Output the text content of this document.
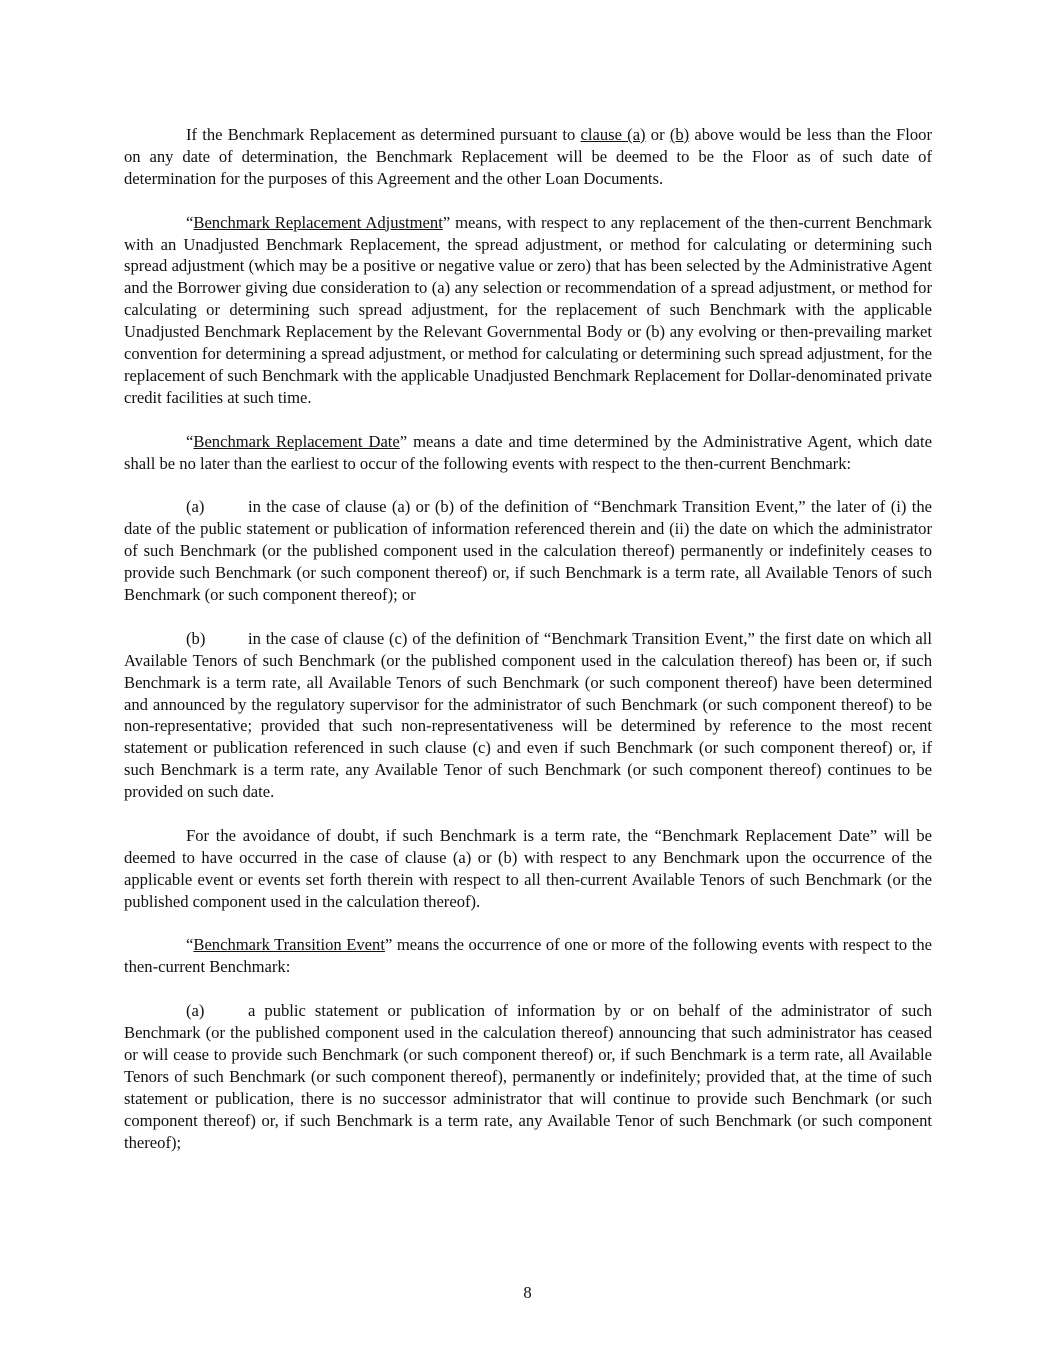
If the Benchmark Replacement as determined pursuant to clause (a) or (b) above would be less than the Floor on any date of determination, the Benchmark Replacement will be deemed to be the Floor as of such date of determination for the purposes of this Agreement and the other Loan Documents.

“Benchmark Replacement Adjustment” means, with respect to any replacement of the then-current Benchmark with an Unadjusted Benchmark Replacement, the spread adjustment, or method for calculating or determining such spread adjustment (which may be a positive or negative value or zero) that has been selected by the Administrative Agent and the Borrower giving due consideration to (a) any selection or recommendation of a spread adjustment, or method for calculating or determining such spread adjustment, for the replacement of such Benchmark with the applicable Unadjusted Benchmark Replacement by the Relevant Governmental Body or (b) any evolving or then-prevailing market convention for determining a spread adjustment, or method for calculating or determining such spread adjustment, for the replacement of such Benchmark with the applicable Unadjusted Benchmark Replacement for Dollar-denominated private credit facilities at such time.

“Benchmark Replacement Date” means a date and time determined by the Administrative Agent, which date shall be no later than the earliest to occur of the following events with respect to the then-current Benchmark:

(a)	in the case of clause (a) or (b) of the definition of “Benchmark Transition Event,” the later of (i) the date of the public statement or publication of information referenced therein and (ii) the date on which the administrator of such Benchmark (or the published component used in the calculation thereof) permanently or indefinitely ceases to provide such Benchmark (or such component thereof) or, if such Benchmark is a term rate, all Available Tenors of such Benchmark (or such component thereof); or

(b)	in the case of clause (c) of the definition of “Benchmark Transition Event,” the first date on which all Available Tenors of such Benchmark (or the published component used in the calculation thereof) has been or, if such Benchmark is a term rate, all Available Tenors of such Benchmark (or such component thereof) have been determined and announced by the regulatory supervisor for the administrator of such Benchmark (or such component thereof) to be non-representative; provided that such non-representativeness will be determined by reference to the most recent statement or publication referenced in such clause (c) and even if such Benchmark (or such component thereof) or, if such Benchmark is a term rate, any Available Tenor of such Benchmark (or such component thereof) continues to be provided on such date.

For the avoidance of doubt, if such Benchmark is a term rate, the “Benchmark Replacement Date” will be deemed to have occurred in the case of clause (a) or (b) with respect to any Benchmark upon the occurrence of the applicable event or events set forth therein with respect to all then-current Available Tenors of such Benchmark (or the published component used in the calculation thereof).

“Benchmark Transition Event” means the occurrence of one or more of the following events with respect to the then-current Benchmark:

(a)	a public statement or publication of information by or on behalf of the administrator of such Benchmark (or the published component used in the calculation thereof) announcing that such administrator has ceased or will cease to provide such Benchmark (or such component thereof) or, if such Benchmark is a term rate, all Available Tenors of such Benchmark (or such component thereof), permanently or indefinitely; provided that, at the time of such statement or publication, there is no successor administrator that will continue to provide such Benchmark (or such component thereof) or, if such Benchmark is a term rate, any Available Tenor of such Benchmark (or such component thereof);

8
